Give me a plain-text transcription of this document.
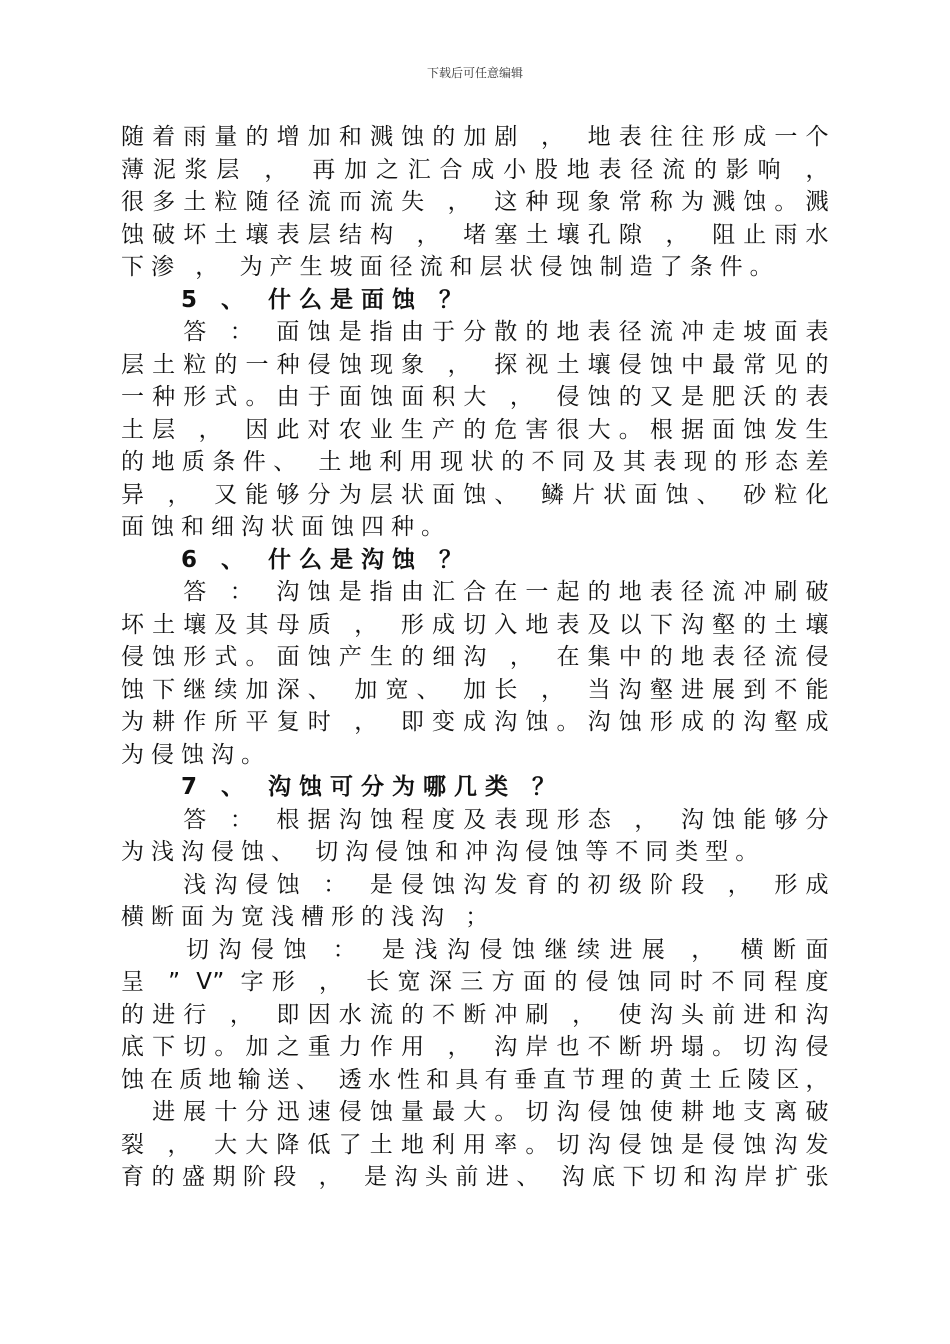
下载后可任意编辑
随着雨量的增加和溅蚀的加剧 ， 地表往往形成一个
薄泥浆层 ， 再加之汇合成小股地表径流的影响 ，
很多土粒随径流而流失 ， 这种现象常称为溅蚀。溅
蚀破坏土壤表层结构 ， 堵塞土壤孔隙 ， 阻止雨水
下渗 ， 为产生坡面径流和层状侵蚀制造了条件。
5 、 什么是面蚀 ？
　　答 ： 面蚀是指由于分散的地表径流冲走坡面表
层土粒的一种侵蚀现象 ， 探视土壤侵蚀中最常见的
一种形式。由于面蚀面积大 ， 侵蚀的又是肥沃的表
土层 ， 因此对农业生产的危害很大。根据面蚀发生
的地质条件、 土地利用现状的不同及其表现的形态差
异 ， 又能够分为层状面蚀、 鳞片状面蚀、 砂粒化
面蚀和细沟状面蚀四种。
6 、 什么是沟蚀 ？
　　答 ： 沟蚀是指由汇合在一起的地表径流冲刷破
坏土壤及其母质 ， 形成切入地表及以下沟壑的土壤
侵蚀形式。面蚀产生的细沟 ， 在集中的地表径流侵
蚀下继续加深、 加宽、 加长 ， 当沟壑进展到不能
为耕作所平复时 ， 即变成沟蚀。沟蚀形成的沟壑成
为侵蚀沟。
7 、 沟蚀可分为哪几类 ？
　　答 ： 根据沟蚀程度及表现形态 ， 沟蚀能够分
为浅沟侵蚀、 切沟侵蚀和冲沟侵蚀等不同类型。
　　浅沟侵蚀 ： 是侵蚀沟发育的初级阶段 ， 形成
横断面为宽浅槽形的浅沟 ；
　　切沟侵蚀 ： 是浅沟侵蚀继续进展 ， 横断面
呈 ” V” 字形 ， 长宽深三方面的侵蚀同时不同程度
的进行 ， 即因水流的不断冲刷 ， 使沟头前进和沟
底下切。加之重力作用 ， 沟岸也不断坍塌。切沟侵
蚀在质地输送、 透水性和具有垂直节理的黄土丘陵区，
　进展十分迅速侵蚀量最大。切沟侵蚀使耕地支离破
裂 ， 大大降低了土地利用率。切沟侵蚀是侵蚀沟发
育的盛期阶段 ， 是沟头前进、 沟底下切和沟岸扩张
